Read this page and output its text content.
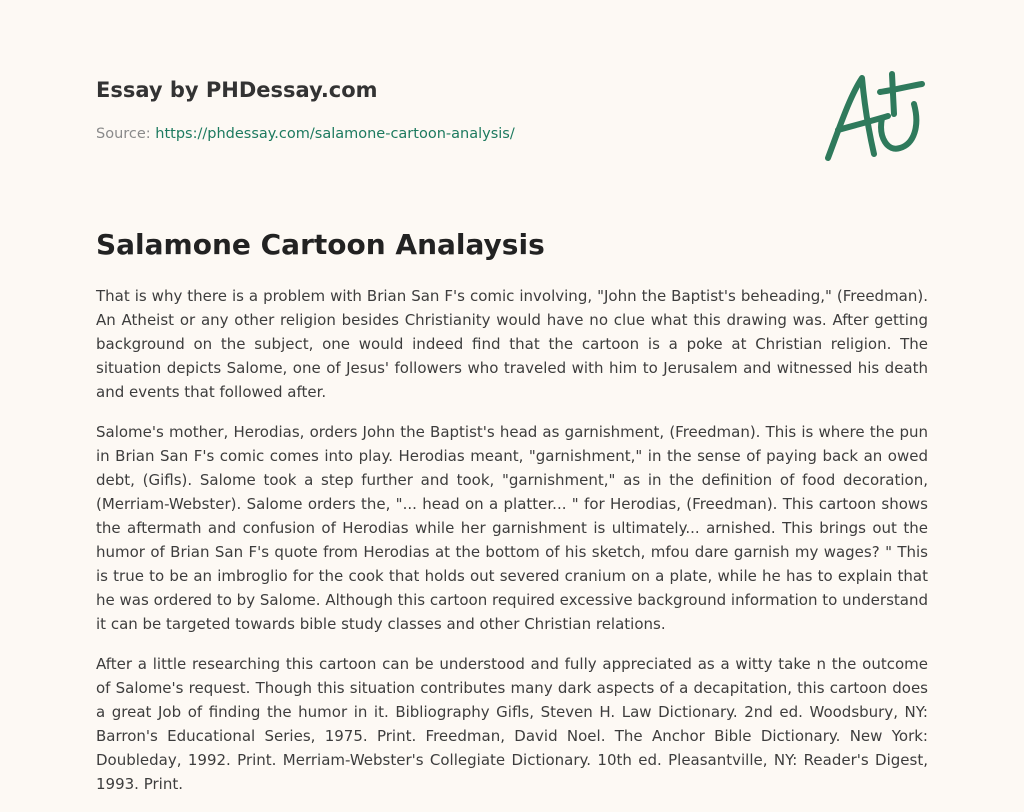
Essay by PHDessay.com
Source: https://phdessay.com/salamone-cartoon-analysis/
Salamone Cartoon Analaysis

That is why there is a problem with Brian San F's comic involving, "John the Baptist's beheading," (Freedman). An Atheist or any other religion besides Christianity would have no clue what this drawing was. After getting background on the subject, one would indeed find that the cartoon is a poke at Christian religion. The situation depicts Salome, one of Jesus' followers who traveled with him to Jerusalem and witnessed his death and events that followed after.

Salome's mother, Herodias, orders John the Baptist's head as garnishment, (Freedman). This is where the pun in Brian San F's comic comes into play. Herodias meant, "garnishment," in the sense of paying back an owed debt, (Gifls). Salome took a step further and took, "garnishment," as in the definition of food decoration, (Merriam-Webster). Salome orders the, "... head on a platter... " for Herodias, (Freedman). This cartoon shows the aftermath and confusion of Herodias while her garnishment is ultimately... arnished. This brings out the humor of Brian San F's quote from Herodias at the bottom of his sketch, mfou dare garnish my wages? " This is true to be an imbroglio for the cook that holds out severed cranium on a plate, while he has to explain that he was ordered to by Salome. Although this cartoon required excessive background information to understand it can be targeted towards bible study classes and other Christian relations.

After a little researching this cartoon can be understood and fully appreciated as a witty take n the outcome of Salome's request. Though this situation contributes many dark aspects of a decapitation, this cartoon does a great Job of finding the humor in it. Bibliography Gifls, Steven H. Law Dictionary. 2nd ed. Woodsbury, NY: Barron's Educational Series, 1975. Print. Freedman, David Noel. The Anchor Bible Dictionary. New York: Doubleday, 1992. Print. Merriam-Webster's Collegiate Dictionary. 10th ed. Pleasantville, NY: Reader's Digest, 1993. Print.
